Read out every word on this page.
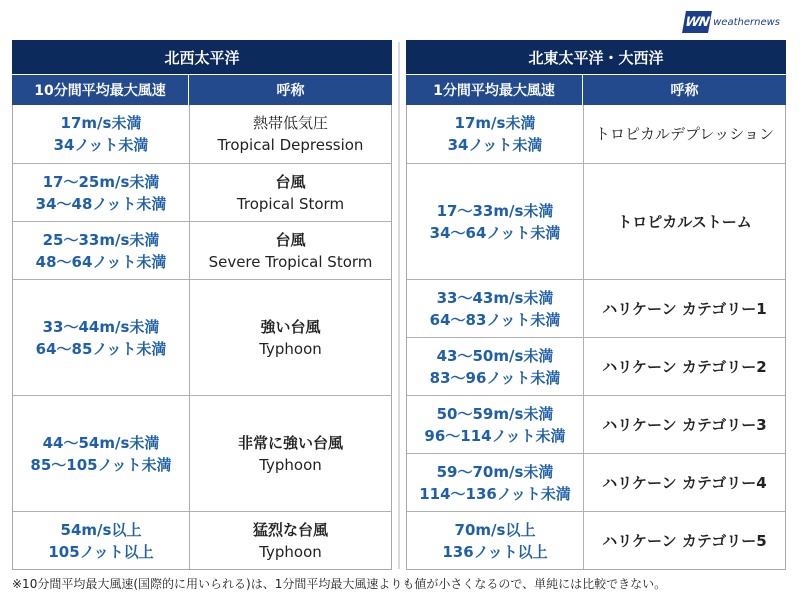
WN weathernews
北西太平洋
10分間平均最大風速	呼称
17m/s未満
34ノット未満
熱帯低気圧
Tropical Depression
17〜25m/s未満
34〜48ノット未満
台風
Tropical Storm
25〜33m/s未満
48〜64ノット未満
台風
Severe Tropical Storm
33〜44m/s未満
64〜85ノット未満
強い台風
Typhoon
44〜54m/s未満
85〜105ノット未満
非常に強い台風
Typhoon
54m/s以上
105ノット以上
猛烈な台風
Typhoon
北東太平洋・大西洋
1分間平均最大風速	呼称
17m/s未満
34ノット未満
トロピカルデプレッション
17〜33m/s未満
34〜64ノット未満
トロピカルストーム
33〜43m/s未満
64〜83ノット未満
ハリケーン カテゴリー1
43〜50m/s未満
83〜96ノット未満
ハリケーン カテゴリー2
50〜59m/s未満
96〜114ノット未満
ハリケーン カテゴリー3
59〜70m/s未満
114〜136ノット未満
ハリケーン カテゴリー4
70m/s以上
136ノット以上
ハリケーン カテゴリー5
※10分間平均最大風速(国際的に用いられる)は、1分間平均最大風速よりも値が小さくなるので、単純には比較できない。
